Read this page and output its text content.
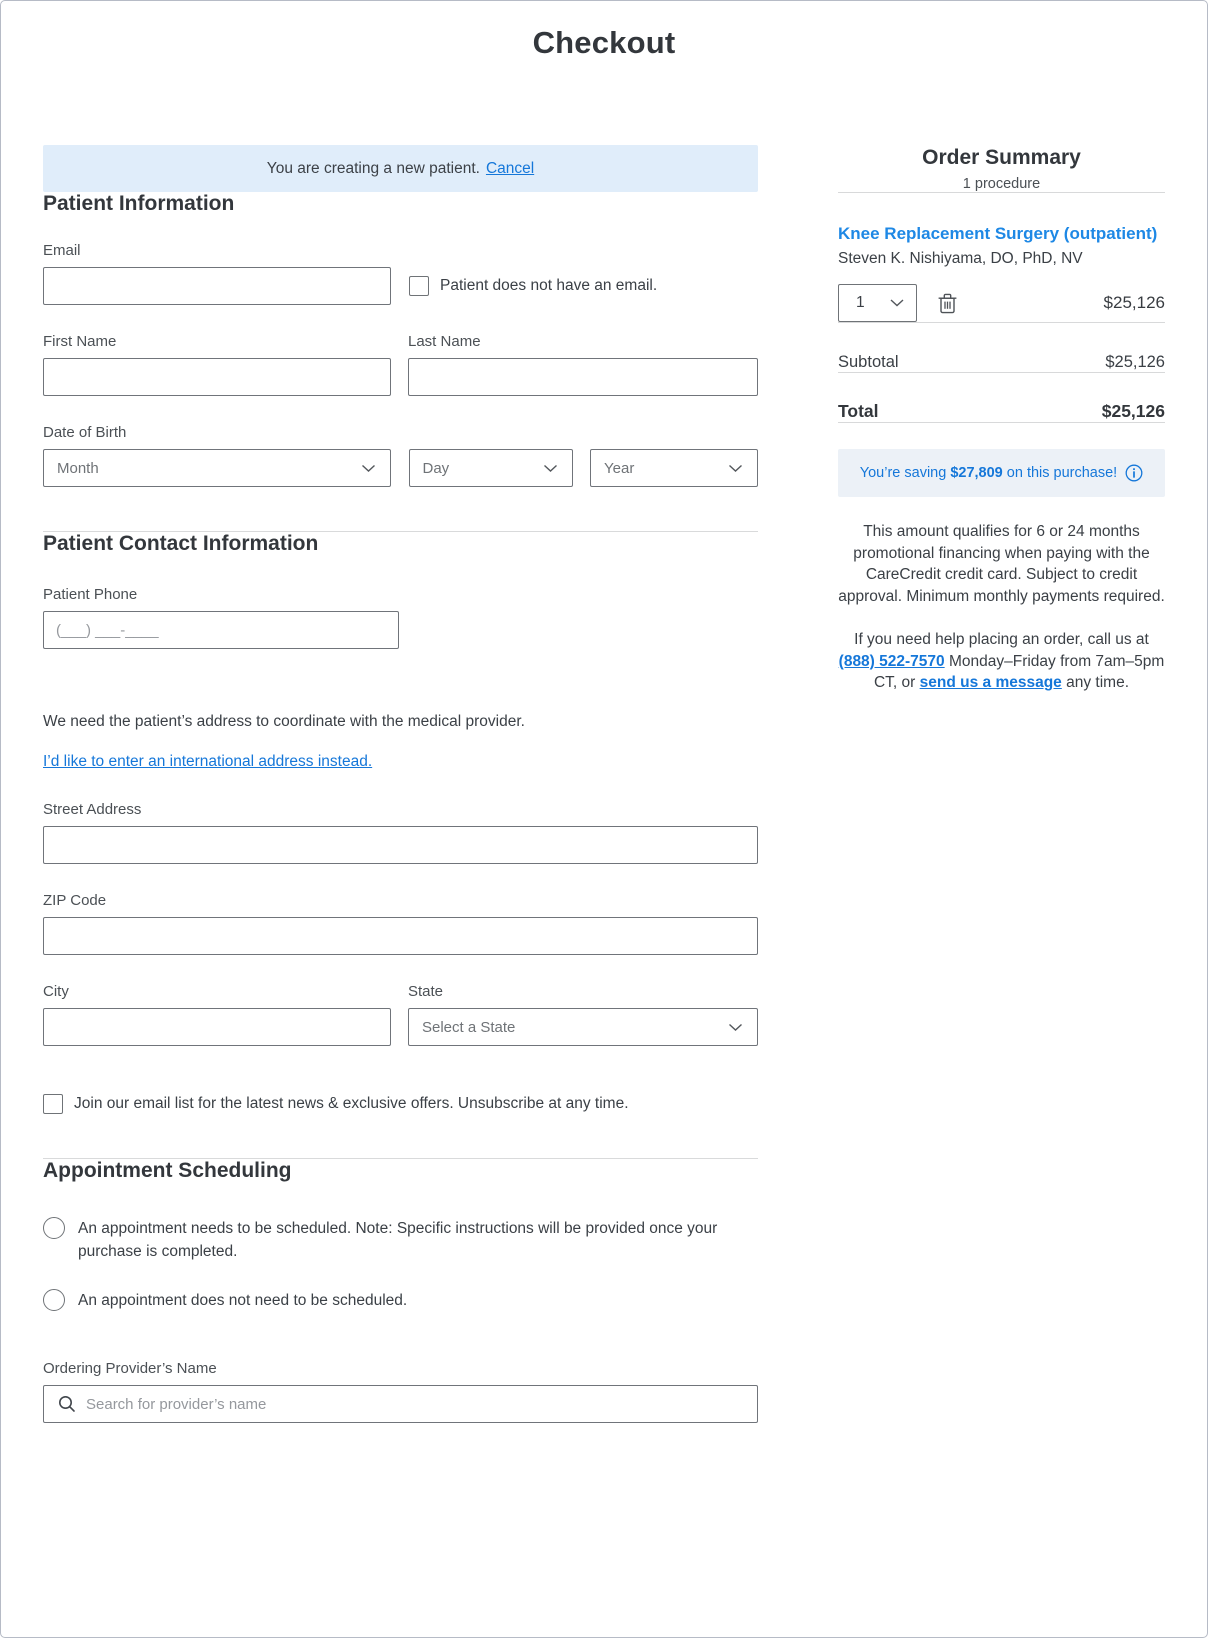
Checkout
You are creating a new patient. Cancel
Patient Information
Email
Patient does not have an email.
First Name	Last Name
Date of Birth
Month	Day	Year
Patient Contact Information
Patient Phone
(___) ___-____
We need the patient’s address to coordinate with the medical provider.
I’d like to enter an international address instead.
Street Address
ZIP Code
City	State
Select a State
Join our email list for the latest news & exclusive offers. Unsubscribe at any time.
Appointment Scheduling
An appointment needs to be scheduled. Note: Specific instructions will be provided once your purchase is completed.
An appointment does not need to be scheduled.
Ordering Provider’s Name
Search for provider’s name
Order Summary
1 procedure
Knee Replacement Surgery (outpatient)
Steven K. Nishiyama, DO, PhD, NV
1	$25,126
Subtotal	$25,126
Total	$25,126
You’re saving
$27,809
on this purchase!
This amount qualifies for 6 or 24 months promotional financing when paying with the CareCredit credit card. Subject to credit approval. Minimum monthly payments required.
If you need help placing an order, call us at (888) 522-7570 Monday–Friday from 7am–5pm CT, or send us a message any time.
